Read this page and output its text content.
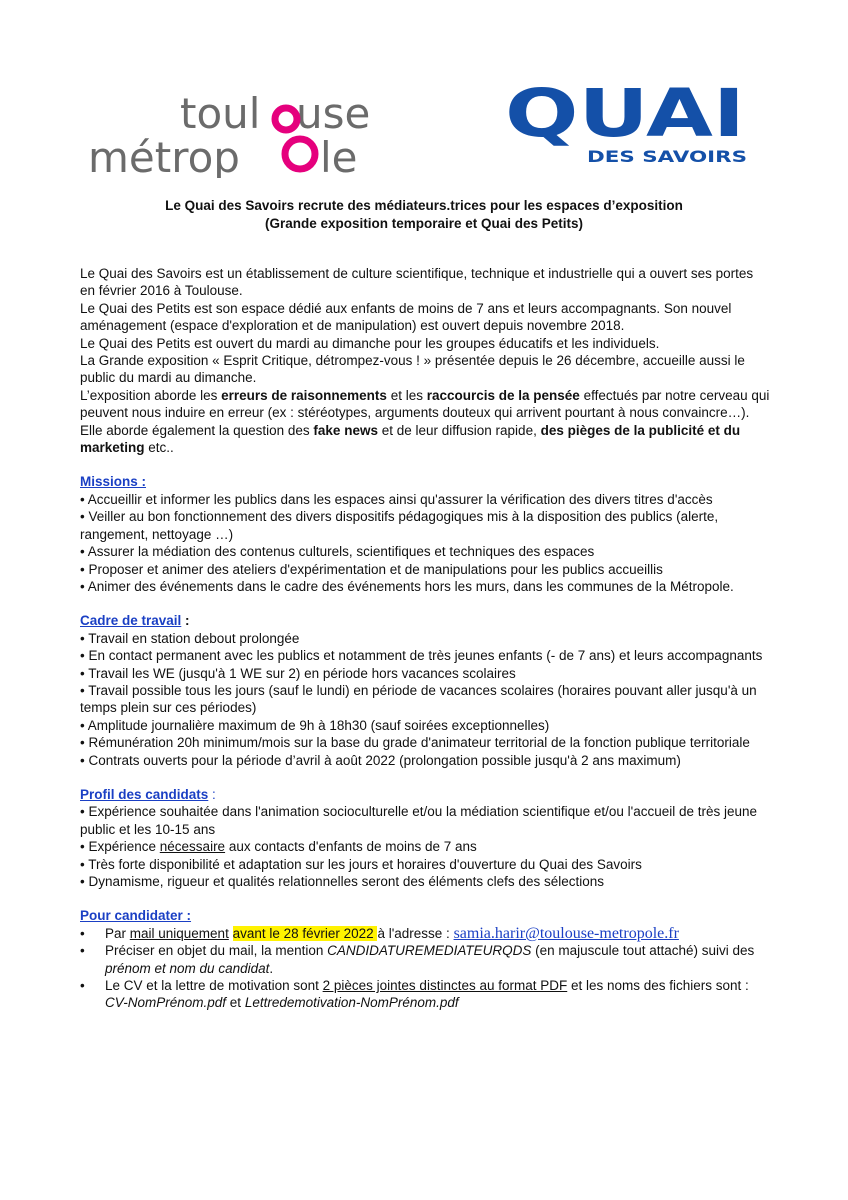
toul use
métrop le
QUAI
DES SAVOIRS
Le Quai des Savoirs recrute des médiateurs.trices pour les espaces d’exposition
(Grande exposition temporaire et Quai des Petits)

Le Quai des Savoirs est un établissement de culture scientifique, technique et industrielle qui a ouvert ses portes en février 2016 à Toulouse.

Le Quai des Petits est son espace dédié aux enfants de moins de 7 ans et leurs accompagnants. Son nouvel aménagement (espace d'exploration et de manipulation) est ouvert depuis novembre 2018.

Le Quai des Petits est ouvert du mardi au dimanche pour les groupes éducatifs et les individuels.

La Grande exposition « Esprit Critique, détrompez-vous ! » présentée depuis le 26 décembre, accueille aussi le public du mardi au dimanche.

L’exposition aborde les erreurs de raisonnements et les raccourcis de la pensée effectués par notre cerveau qui peuvent nous induire en erreur (ex : stéréotypes, arguments douteux qui arrivent pourtant à nous convaincre…).

Elle aborde également la question des fake news et de leur diffusion rapide, des pièges de la publicité et du marketing etc..

Missions :

• Accueillir et informer les publics dans les espaces ainsi qu'assurer la vérification des divers titres d'accès

• Veiller au bon fonctionnement des divers dispositifs pédagogiques mis à la disposition des publics (alerte, rangement, nettoyage …)

• Assurer la médiation des contenus culturels, scientifiques et techniques des espaces

• Proposer et animer des ateliers d'expérimentation et de manipulations pour les publics accueillis

• Animer des événements dans le cadre des événements hors les murs, dans les communes de la Métropole.

Cadre de travail :

• Travail en station debout prolongée

• En contact permanent avec les publics et notamment de très jeunes enfants (- de 7 ans) et leurs accompagnants

• Travail les WE (jusqu'à 1 WE sur 2) en période hors vacances scolaires

• Travail possible tous les jours (sauf le lundi) en période de vacances scolaires (horaires pouvant aller jusqu'à un temps plein sur ces périodes)

• Amplitude journalière maximum de 9h à 18h30 (sauf soirées exceptionnelles)

• Rémunération 20h minimum/mois sur la base du grade d'animateur territorial de la fonction publique territoriale

• Contrats ouverts pour la période d’avril à août 2022 (prolongation possible jusqu'à 2 ans maximum)

Profil des candidats :

• Expérience souhaitée dans l'animation socioculturelle et/ou la médiation scientifique et/ou l'accueil de très jeune public et les 10-15 ans

• Expérience nécessaire aux contacts d'enfants de moins de 7 ans

• Très forte disponibilité et adaptation sur les jours et horaires d'ouverture du Quai des Savoirs

• Dynamisme, rigueur et qualités relationnelles seront des éléments clefs des sélections

Pour candidater :

• Par mail uniquement avant le 28 février 2022 à l'adresse : samia.harir@toulouse-metropole.fr
• Préciser en objet du mail, la mention CANDIDATUREMEDIATEURQDS (en majuscule tout attaché) suivi des prénom et nom du candidat.
• Le CV et la lettre de motivation sont 2 pièces jointes distinctes au format PDF et les noms des fichiers sont : CV-NomPrénom.pdf et Lettredemotivation-NomPrénom.pdf
